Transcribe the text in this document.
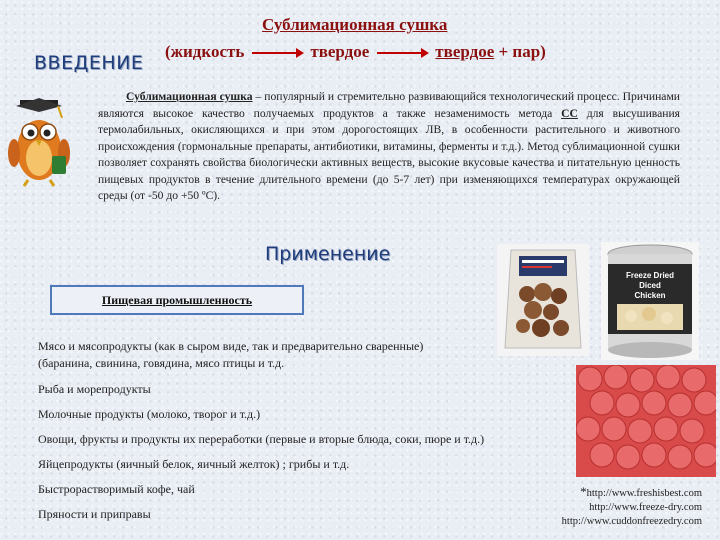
ВВЕДЕНИЕ
Сублимационная сушка
(жидкость	твердое	твердое + пар)
Сублимационная сушка – популярный и стремительно развивающийся технологический процесс. Причинами являются высокое качество получаемых продуктов а также незаменимость метода СС для высушивания термолабильных, окисляющихся и при этом дорогостоящих ЛВ, в особенности растительного и животного происхождения (гормональные препараты, антибиотики, витамины, ферменты и т.д.). Метод сублимационной сушки позволяет сохранять свойства биологически активных веществ, высокие вкусовые качества и питательную ценность пищевых продуктов в течение длительного времени (до 5-7 лет) при изменяющихся температурах окружающей среды (от -50 до +50 ºС).
Применение
Пищевая промышленность
Мясо и мясопродукты (как в сыром виде, так и предварительно сваренные)
(баранина, свинина, говядина, мясо птицы и т.д.
Рыба и морепродукты
Молочные продукты (молоко, творог и т.д.)
Овощи, фрукты и продукты их переработки (первые и вторые блюда, соки, пюре и т.д.)
Яйцепродукты (яичный белок, яичный желток) ; грибы и т.д.
Быстрорастворимый кофе, чай
Пряности и приправы
Freeze Dried
Diced
Chicken
*http://www.freshisbest.com
http://www.freeze-dry.com
http://www.cuddonfreezedry.com
